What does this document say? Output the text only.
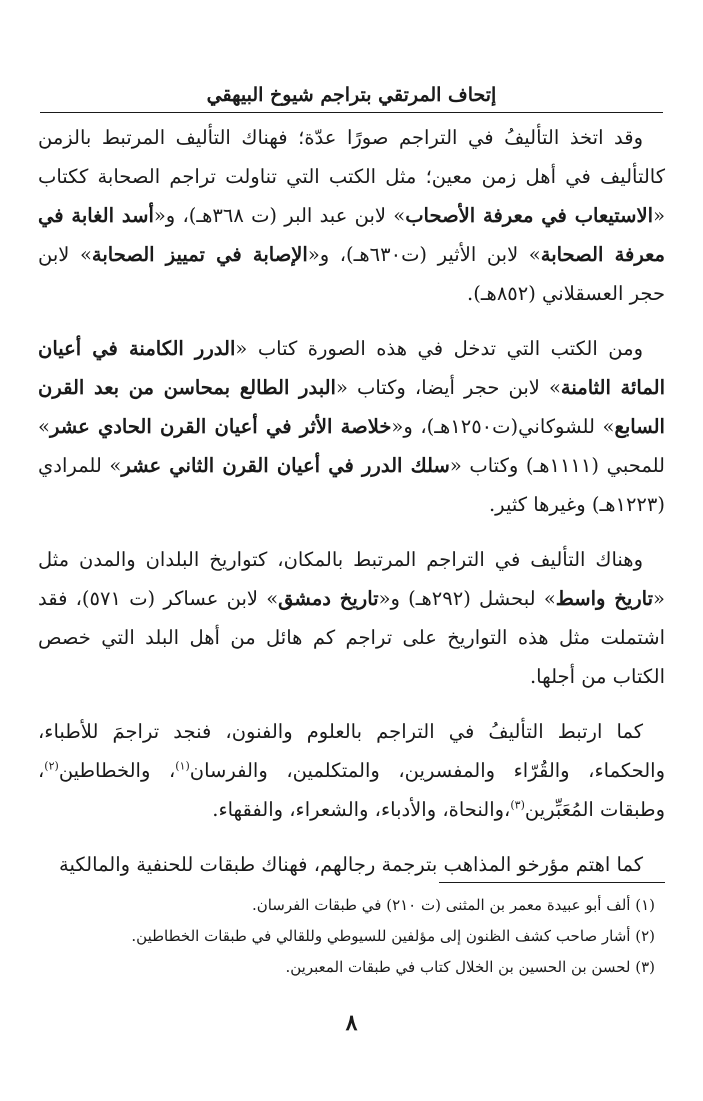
إتحاف المرتقي بتراجم شيوخ البيهقي

وقد اتخذ التأليفُ في التراجم صورًا عدّة؛ فهناك التأليف المرتبط بالزمن كالتأليف في أهل زمن معين؛ مثل الكتب التي تناولت تراجم الصحابة ككتاب «الاستيعاب في معرفة الأصحاب» لابن عبد البر (ت ٣٦٨هـ)، و«أسد الغابة في معرفة الصحابة» لابن الأثير (ت٦٣٠هـ)، و«الإصابة في تمييز الصحابة» لابن حجر العسقلاني (٨٥٢هـ).

ومن الكتب التي تدخل في هذه الصورة كتاب «الدرر الكامنة في أعيان المائة الثامنة» لابن حجر أيضا، وكتاب «البدر الطالع بمحاسن من بعد القرن السابع» للشوكاني(ت١٢٥٠هـ)، و«خلاصة الأثر في أعيان القرن الحادي عشر» للمحبي (١١١١هـ) وكتاب «سلك الدرر في أعيان القرن الثاني عشر» للمرادي (١٢٢٣هـ) وغيرها كثير.

وهناك التأليف في التراجم المرتبط بالمكان، كتواريخ البلدان والمدن مثل «تاريخ واسط» لبحشل (٢٩٢هـ) و«تاريخ دمشق» لابن عساكر (ت ٥٧١)، فقد اشتملت مثل هذه التواريخ على تراجم كم هائل من أهل البلد التي خصص الكتاب من أجلها.

كما ارتبط التأليفُ في التراجم بالعلوم والفنون، فنجد تراجمَ للأطباء، والحكماء، والقُرّاء والمفسرين، والمتكلمين، والفرسان$^{(١)}$، والخطاطين$^{(٢)}$، وطبقات المُعَبِّرين$^{(٣)}$،والنحاة، والأدباء، والشعراء، والفقهاء.

كما اهتم مؤرخو المذاهب بترجمة رجالهم، فهناك طبقات للحنفية والمالكية

(١) ألف أبو عبيدة معمر بن المثنى (ت ٢١٠) في طبقات الفرسان.
(٢) أشار صاحب كشف الظنون إلى مؤلفين للسيوطي وللقالي في طبقات الخطاطين.
(٣) لحسن بن الحسين بن الخلال كتاب في طبقات المعبرين.
٨
